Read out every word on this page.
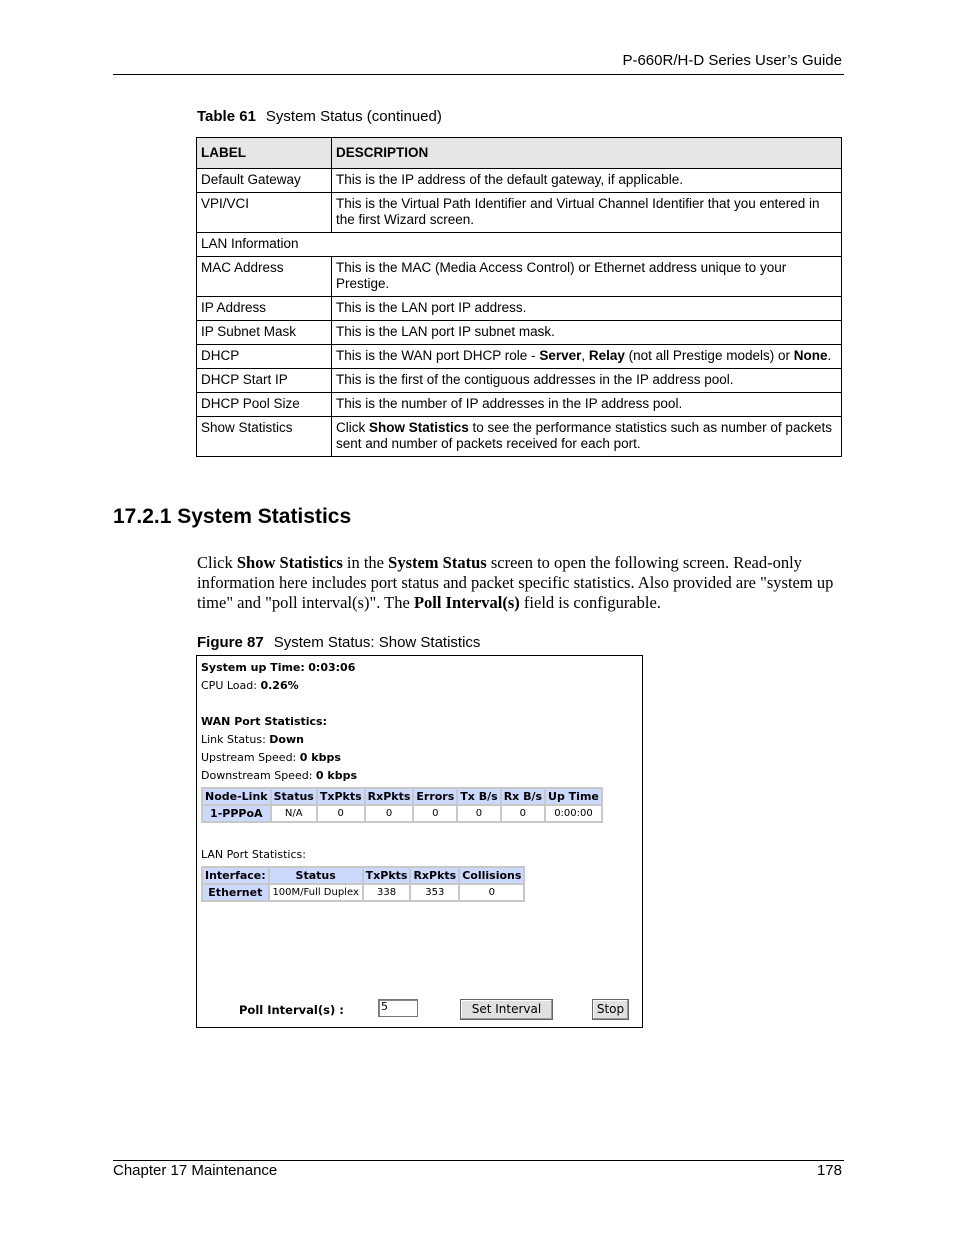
P-660R/H-D Series User’s Guide
Table 61 System Status (continued)
LABEL	DESCRIPTION
Default Gateway	This is the IP address of the default gateway, if applicable.
VPI/VCI	This is the Virtual Path Identifier and Virtual Channel Identifier that you entered in the first Wizard screen.
LAN Information	
MAC Address	This is the MAC (Media Access Control) or Ethernet address unique to your Prestige.
IP Address	This is the LAN port IP address.
IP Subnet Mask	This is the LAN port IP subnet mask.
DHCP	This is the WAN port DHCP role - Server, Relay (not all Prestige models) or None.
DHCP Start IP	This is the first of the contiguous addresses in the IP address pool.
DHCP Pool Size	This is the number of IP addresses in the IP address pool.
Show Statistics	Click Show Statistics to see the performance statistics such as number of packets sent and number of packets received for each port.
17.2.1 System Statistics
Click Show Statistics in the System Status screen to open the following screen. Read-only information here includes port status and packet specific statistics. Also provided are "system up time" and "poll interval(s)". The Poll Interval(s) field is configurable.
Figure 87 System Status: Show Statistics
System up Time: 0:03:06
CPU Load: 0.26%
WAN Port Statistics:
Link Status: Down
Upstream Speed: 0 kbps
Downstream Speed: 0 kbps
Node-Link	Status	TxPkts	RxPkts	Errors	Tx B/s	Rx B/s	Up Time
1-PPPoA	N/A	0	0	0	0	0	0:00:00
LAN Port Statistics:
Interface:	Status	TxPkts	RxPkts	Collisions
Ethernet	100M/Full Duplex	338	353	0
Poll Interval(s) :	5	Set Interval	Stop
Chapter 17 Maintenance	178
